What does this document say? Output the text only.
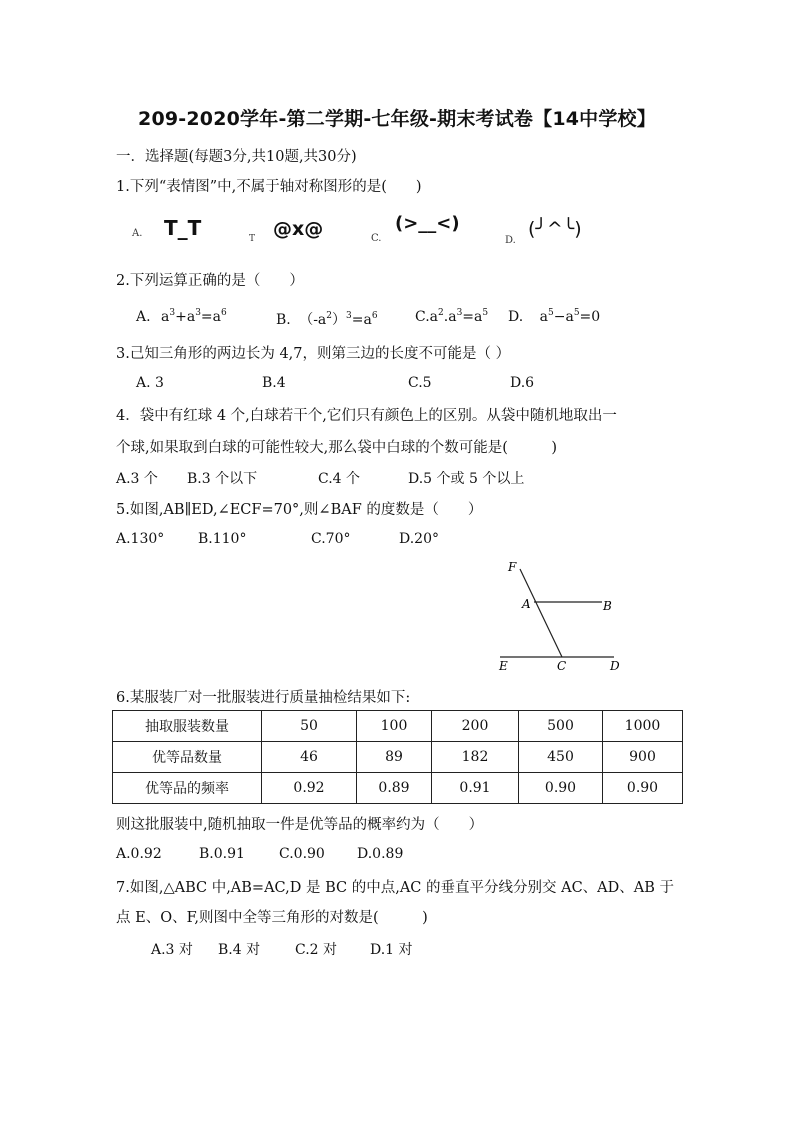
209-2020学年-第二学期-七年级-期末考试卷【14中学校】
一．选择题(每题3分,共10题,共30分)
1.下列“表情图”中,不属于轴对称图形的是(　　)
A. T_T	T @x@	C.
(>__<)
D.
(╯^╰)
2.下列运算正确的是（　　）
A. $a^3+a^3=a^6$	B. $(-a^2)^3=a^6$	$C.a^2.a^3=a^5$ D. $a^5-a^5=0$
3.己知三角形的两边长为 4,7，则第三边的长度不可能是（ ）
A. 3	B.4	C.5	D.6
4．袋中有红球 4 个,白球若干个,它们只有颜色上的区别。从袋中随机地取出一
个球,如果取到白球的可能性较大,那么袋中白球的个数可能是(　　　)
A.3 个 B.3 个以下	C.4 个	D.5 个或 5 个以上
5.如图,AB∥ED,∠ECF=70°,则∠BAF 的度数是（　　）
A.130° B.110°	C.70°	D.20°
F
A	B
E	C	D
6.某服装厂对一批服装进行质量抽检结果如下:
抽取服装数量	50	100	200	500	1000
优等品数量	46	89	182	450	900
优等品的频率	0.92	0.89	0.91	0.90	0.90
则这批服装中,随机抽取一件是优等品的概率约为（　　）
A.0.92	B.0.91 C.0.90 D.0.89
7.如图,△ABC 中,AB=AC,D 是 BC 的中点,AC 的垂直平分线分别交 AC、AD、AB 于
点 E、O、F,则图中全等三角形的对数是(　　　)
A.3 对 B.4 对 C.2 对 D.1 对
